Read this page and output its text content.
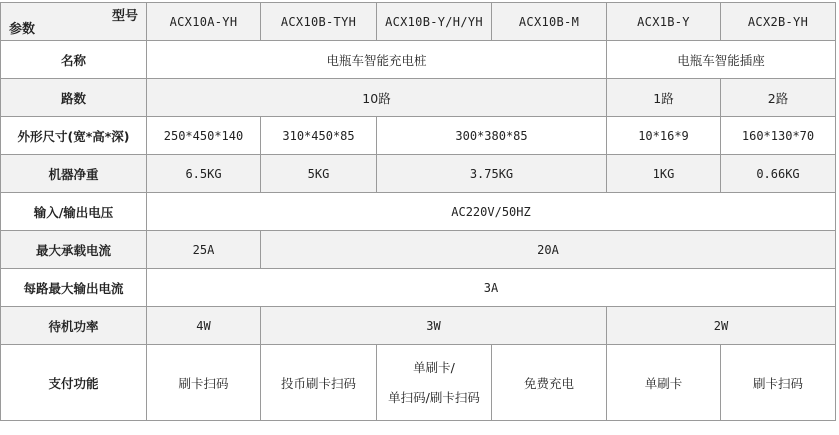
型号
参数	ACX10A-YH	ACX10B-TYH	ACX10B-Y/H/YH	ACX10B-M	ACX1B-Y	ACX2B-YH
名称	电瓶车智能充电桩				电瓶车智能插座	
路数	10路				1路	2路
外形尺寸(宽*高*深)	250*450*140	310*450*85	300*380*85		10*16*9	160*130*70
机器净重	6.5KG	5KG	3.75KG		1KG	0.66KG
输入/输出电压	AC220V/50HZ					
最大承载电流	25A	20A				
每路最大输出电流	3A					
待机功率	4W	3W			2W	
支付功能	刷卡扫码	投币刷卡扫码	单刷卡/
单扫码/刷卡扫码	免费充电	单刷卡	刷卡扫码
